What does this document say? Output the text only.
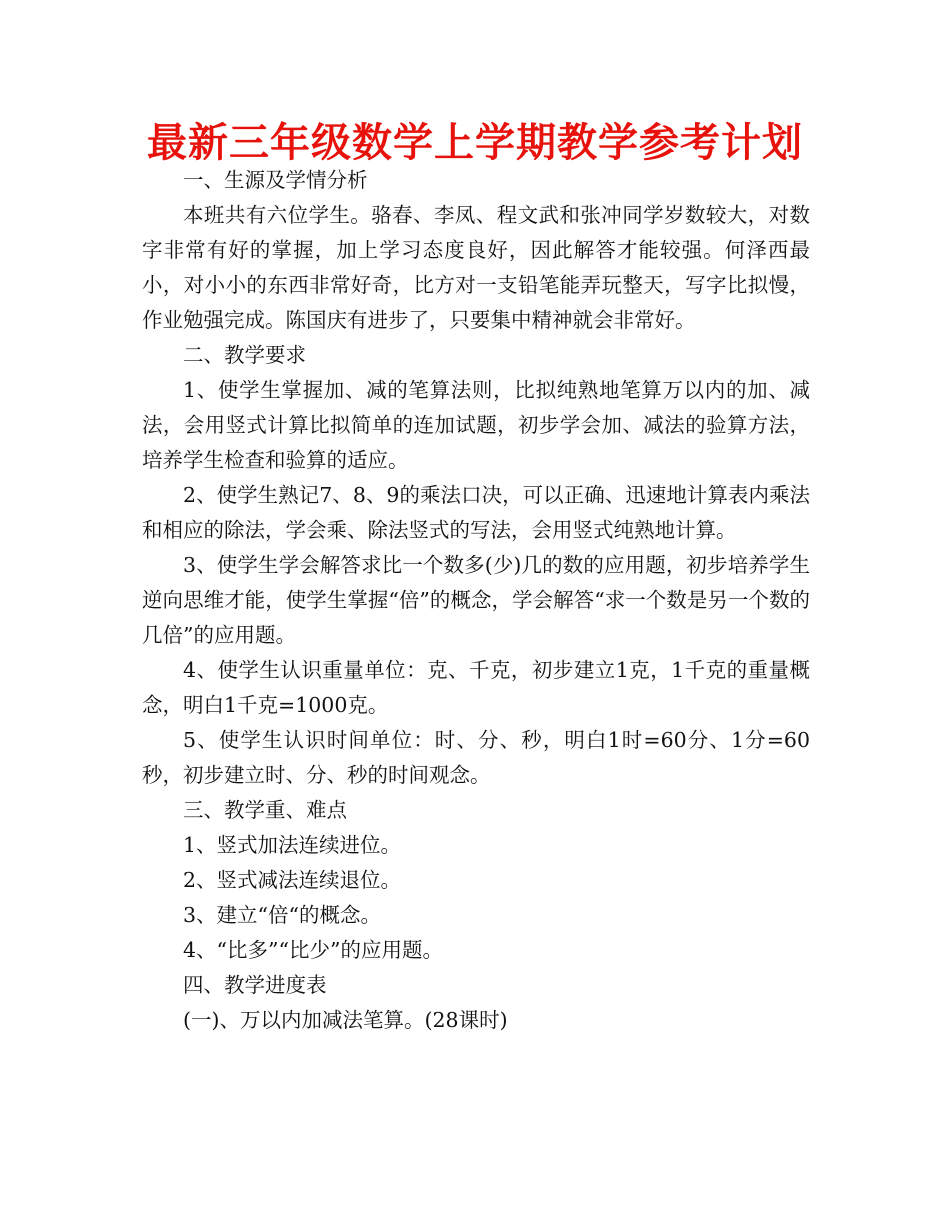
最新三年级数学上学期教学参考计划

一、生源及学情分析

本班共有六位学生。骆春、李凤、程文武和张冲同学岁数较大，对数字非常有好的掌握，加上学习态度良好，因此解答才能较强。何泽西最小，对小小的东西非常好奇，比方对一支铅笔能弄玩整天，写字比拟慢，作业勉强完成。陈国庆有进步了，只要集中精神就会非常好。

二、教学要求

1、使学生掌握加、减的笔算法则，比拟纯熟地笔算万以内的加、减法，会用竖式计算比拟简单的连加试题，初步学会加、减法的验算方法，培养学生检查和验算的适应。

2、使学生熟记7、8、9的乘法口决，可以正确、迅速地计算表内乘法和相应的除法，学会乘、除法竖式的写法，会用竖式纯熟地计算。

3、使学生学会解答求比一个数多(少)几的数的应用题，初步培养学生逆向思维才能，使学生掌握“倍”的概念，学会解答“求一个数是另一个数的几倍”的应用题。

4、使学生认识重量单位：克、千克，初步建立1克，1千克的重量概念，明白1千克=1000克。

5、使学生认识时间单位：时、分、秒，明白1时=60分、1分=60秒，初步建立时、分、秒的时间观念。

三、教学重、难点

1、竖式加法连续进位。

2、竖式减法连续退位。

3、建立“倍“的概念。

4、“比多”“比少”的应用题。

四、教学进度表

(一)、万以内加减法笔算。(28课时)
